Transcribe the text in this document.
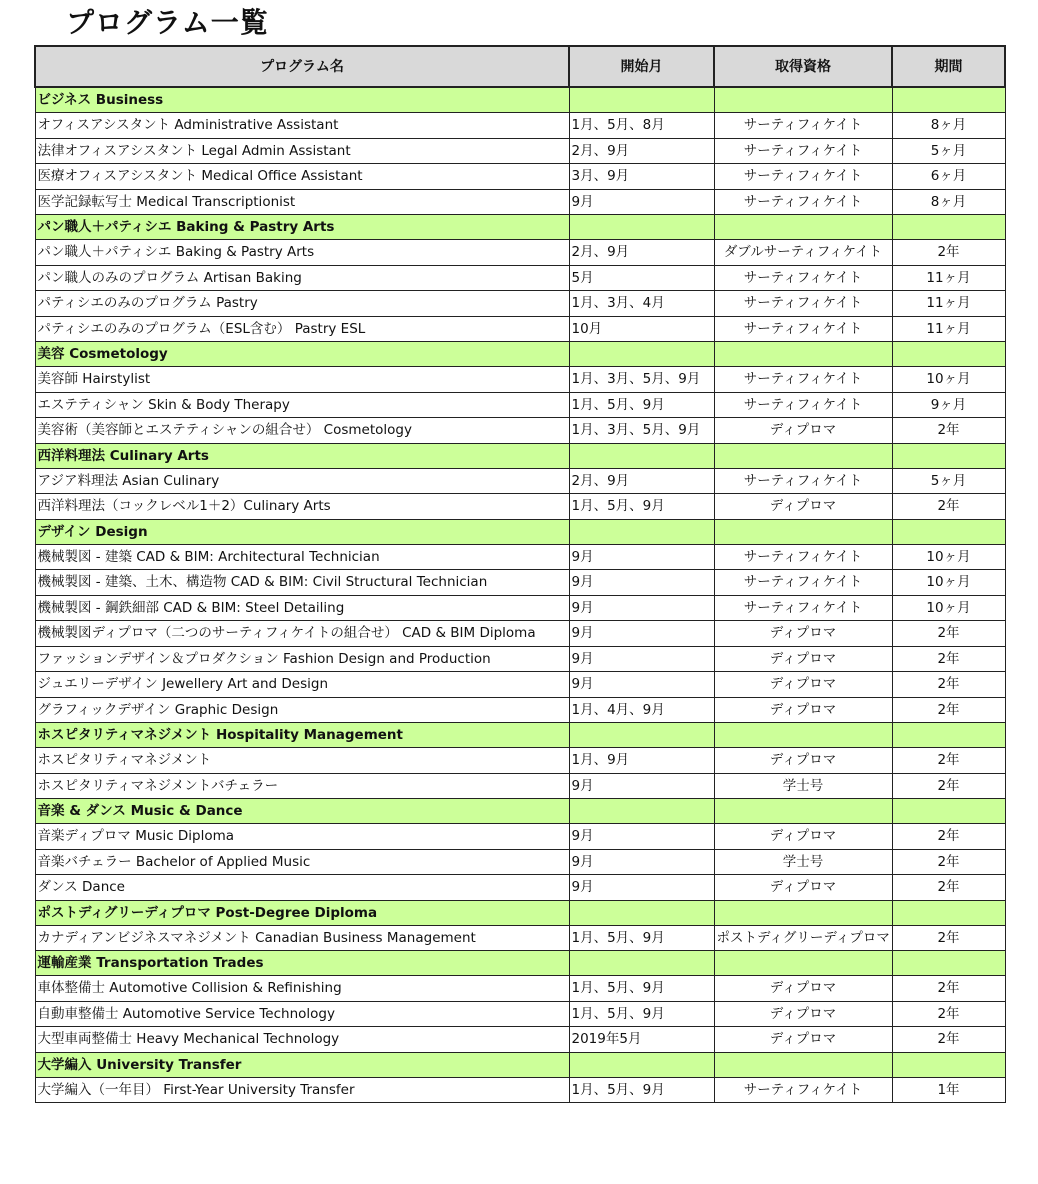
プログラム一覧
プログラム名	開始月	取得資格	期間
ビジネス Business			
オフィスアシスタント Administrative Assistant	1月、5月、8月	サーティフィケイト	8ヶ月
法律オフィスアシスタント Legal Admin Assistant	2月、9月	サーティフィケイト	5ヶ月
医療オフィスアシスタント Medical Office Assistant	3月、9月	サーティフィケイト	6ヶ月
医学記録転写士 Medical Transcriptionist	9月	サーティフィケイト	8ヶ月
パン職人＋パティシエ Baking & Pastry Arts			
パン職人＋パティシエ Baking & Pastry Arts	2月、9月	ダブルサーティフィケイト	2年
パン職人のみのプログラム Artisan Baking	5月	サーティフィケイト	11ヶ月
パティシエのみのプログラム Pastry	1月、3月、4月	サーティフィケイト	11ヶ月
パティシエのみのプログラム（ESL含む） Pastry ESL	10月	サーティフィケイト	11ヶ月
美容 Cosmetology			
美容師 Hairstylist	1月、3月、5月、9月	サーティフィケイト	10ヶ月
エステティシャン Skin & Body Therapy	1月、5月、9月	サーティフィケイト	9ヶ月
美容術（美容師とエステティシャンの組合せ） Cosmetology	1月、3月、5月、9月	ディプロマ	2年
西洋料理法 Culinary Arts			
アジア料理法 Asian Culinary	2月、9月	サーティフィケイト	5ヶ月
西洋料理法（コックレベル1＋2）Culinary Arts	1月、5月、9月	ディプロマ	2年
デザイン Design			
機械製図 - 建築 CAD & BIM: Architectural Technician	9月	サーティフィケイト	10ヶ月
機械製図 - 建築、土木、構造物 CAD & BIM: Civil Structural Technician	9月	サーティフィケイト	10ヶ月
機械製図 - 鋼鉄細部 CAD & BIM: Steel Detailing	9月	サーティフィケイト	10ヶ月
機械製図ディプロマ（二つのサーティフィケイトの組合せ） CAD & BIM Diploma	9月	ディプロマ	2年
ファッションデザイン＆プロダクション Fashion Design and Production	9月	ディプロマ	2年
ジュエリーデザイン Jewellery Art and Design	9月	ディプロマ	2年
グラフィックデザイン Graphic Design	1月、4月、9月	ディプロマ	2年
ホスピタリティマネジメント Hospitality Management			
ホスピタリティマネジメント	1月、9月	ディプロマ	2年
ホスピタリティマネジメントバチェラー	9月	学士号	2年
音楽 & ダンス Music & Dance			
音楽ディプロマ Music Diploma	9月	ディプロマ	2年
音楽バチェラー Bachelor of Applied Music	9月	学士号	2年
ダンス Dance	9月	ディプロマ	2年
ポストディグリーディプロマ Post-Degree Diploma			
カナディアンビジネスマネジメント Canadian Business Management	1月、5月、9月	ポストディグリーディプロマ	2年
運輸産業 Transportation Trades			
車体整備士 Automotive Collision & Refinishing	1月、5月、9月	ディプロマ	2年
自動車整備士 Automotive Service Technology	1月、5月、9月	ディプロマ	2年
大型車両整備士 Heavy Mechanical Technology	2019年5月	ディプロマ	2年
大学編入 University Transfer			
大学編入（一年目） First-Year University Transfer	1月、5月、9月	サーティフィケイト	1年
